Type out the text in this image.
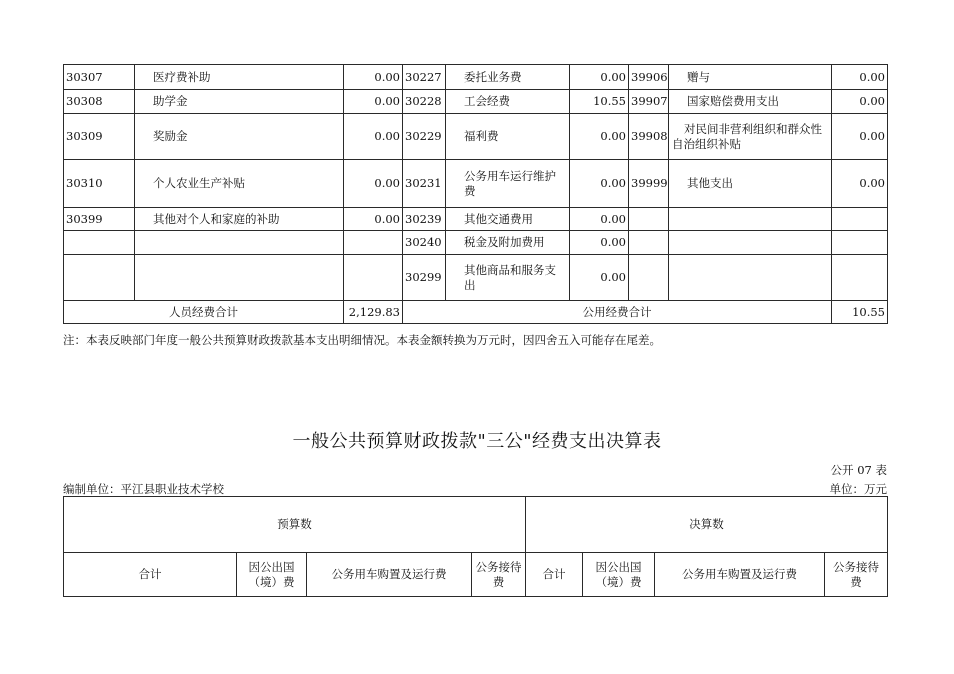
30307	医疗费补助	0.00	30227	委托业务费	0.00	39906	赠与	0.00
30308	助学金	0.00	30228	工会经费	10.55	39907	国家赔偿费用支出	0.00
30309	奖励金	0.00	30229	福利费	0.00	39908	对民间非营利组织和群众性自治组织补贴	0.00
30310	个人农业生产补贴	0.00	30231	公务用车运行维护费	0.00	39999	其他支出	0.00
30399	其他对个人和家庭的补助	0.00	30239	其他交通费用	0.00			
			30240	税金及附加费用	0.00			
			30299	其他商品和服务支出	0.00			
人员经费合计		2,129.83	公用经费合计					10.55
注：本表反映部门年度一般公共预算财政拨款基本支出明细情况。本表金额转换为万元时，因四舍五入可能存在尾差。
一般公共预算财政拨款"三公"经费支出决算表
公开 07 表
编制单位：平江县职业技术学校	单位：万元
预算数				决算数			
合计	因公出国（境）费	公务用车购置及运行费	公务接待费	合计	因公出国（境）费	公务用车购置及运行费	公务接待费
